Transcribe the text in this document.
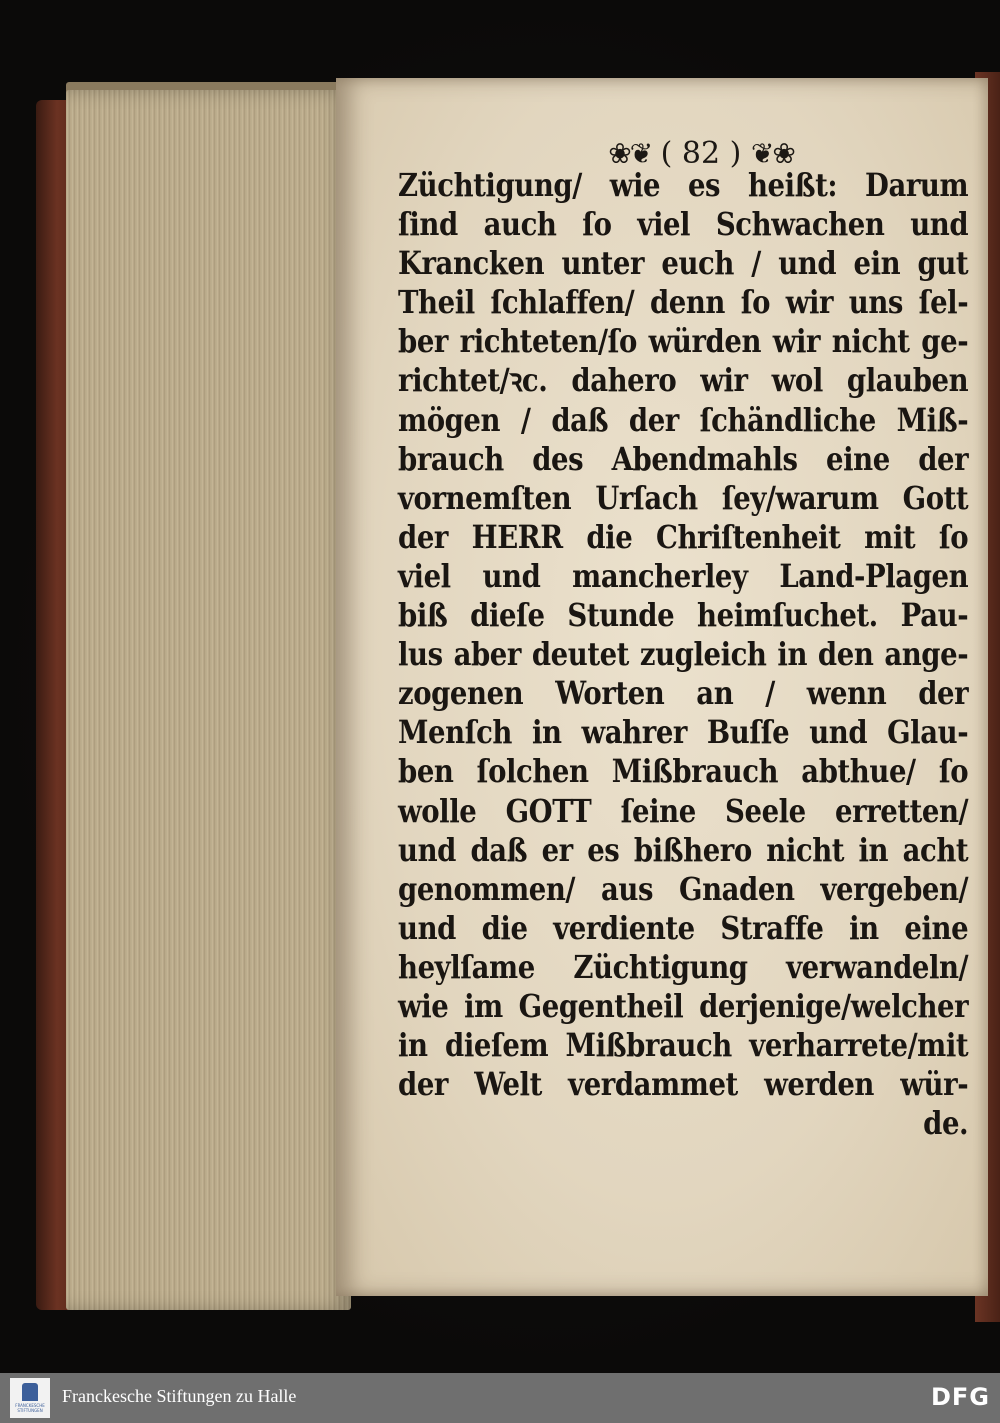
❀❦ ( 82 ) ❦❀
Züchtigung/ wie es heißt: Darum
ſind auch ſo viel Schwachen und
Krancken unter euch / und ein gut
Theil ſchlaffen/ denn ſo wir uns ſel-
ber richteten/ſo würden wir nicht ge-
richtet/ꝛc. dahero wir wol glauben
mögen / daß der ſchändliche Miß-
brauch des Abendmahls eine der
vornemſten Urſach ſey/warum Gott
der HERR die Chriſtenheit mit ſo
viel und mancherley Land-Plagen
biß dieſe Stunde heimſuchet. Pau-
lus aber deutet zugleich in den ange-
zogenen Worten an / wenn der
Menſch in wahrer Buſſe und Glau-
ben ſolchen Mißbrauch abthue/ ſo
wolle GOTT ſeine Seele erretten/
und daß er es bißhero nicht in acht
genommen/ aus Gnaden vergeben/
und die verdiente Straffe in eine
heylſame Züchtigung verwandeln/
wie im Gegentheil derjenige/welcher
in dieſem Mißbrauch verharrete/mit
der Welt verdammet werden wür-
de.
FRANCKESCHE STIFTUNGEN
Franckesche Stiftungen zu Halle	DFG
